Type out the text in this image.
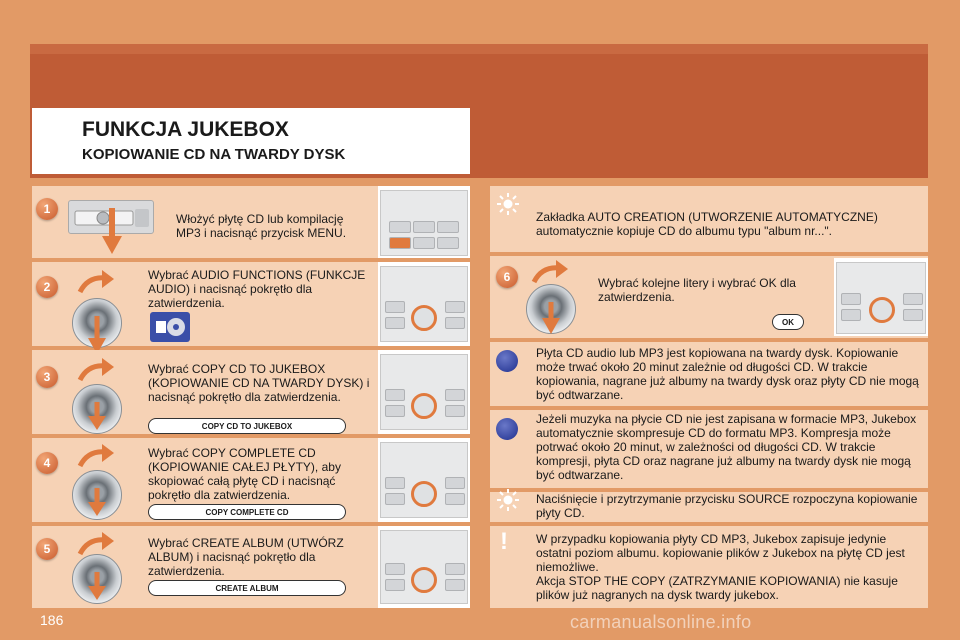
FUNKCJA JUKEBOX
KOPIOWANIE CD NA TWARDY DYSK
1
Włożyć płytę CD lub kompilację MP3 i nacisnąć przycisk MENU.
2
Wybrać AUDIO FUNCTIONS (FUNKCJE AUDIO) i nacisnąć pokrętło dla zatwierdzenia.
3
Wybrać COPY CD TO JUKEBOX (KOPIOWANIE CD NA TWARDY DYSK) i nacisnąć pokrętło dla zatwierdzenia.
COPY CD TO JUKEBOX
4
Wybrać COPY COMPLETE CD (KOPIOWANIE CAŁEJ PŁYTY), aby skopiować całą płytę CD i nacisnąć pokrętło dla zatwierdzenia.
COPY COMPLETE CD
5	Wybrać CREATE ALBUM (UTWÓRZ ALBUM) i nacisnąć pokrętło dla zatwierdzenia.
CREATE ALBUM
Zakładka AUTO CREATION (UTWORZENIE AUTOMATYCZNE) automatycznie kopiuje CD do albumu typu "album nr...".
6	Wybrać kolejne litery i wybrać OK dla zatwierdzenia.
OK
Płyta CD audio lub MP3 jest kopiowana na twardy dysk. Kopiowanie może trwać około 20 minut zależnie od długości CD. W trakcie kopiowania, nagrane już albumy na twardy dysk oraz płyty CD nie mogą być odtwarzane.
Jeżeli muzyka na płycie CD nie jest zapisana w formacie MP3, Jukebox automatycznie skompresuje CD do formatu MP3. Kompresja może potrwać około 20 minut, w zależności od długości CD. W trakcie kompresji, płyta CD oraz nagrane już albumy na twardy dysk nie mogą być odtwarzane.
Naciśnięcie i przytrzymanie przycisku SOURCE rozpoczyna kopiowanie płyty CD.
! W przypadku kopiowania płyty CD MP3, Jukebox zapisuje jedynie ostatni poziom albumu. kopiowanie plików z Jukebox na płytę CD jest niemożliwe.
Akcja STOP THE COPY (ZATRZYMANIE KOPIOWANIA) nie kasuje plików już nagranych na dysk twardy jukebox.
186	carmanualsonline.info
